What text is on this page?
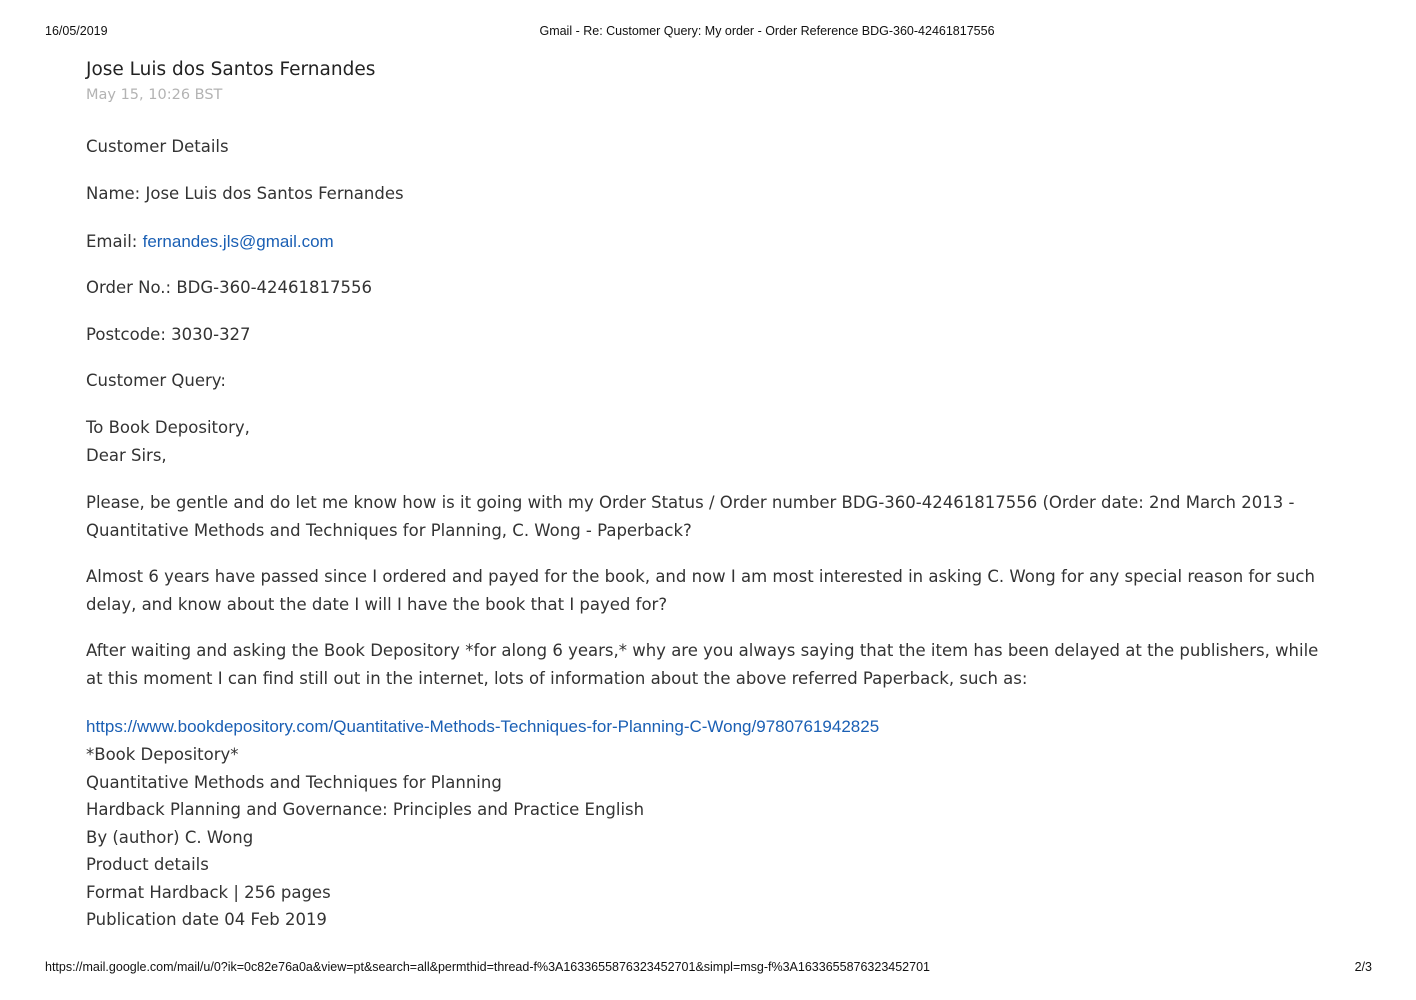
16/05/2019	Gmail - Re: Customer Query: My order - Order Reference BDG-360-42461817556
Jose Luis dos Santos Fernandes
May 15, 10:26 BST

Customer Details

Name: Jose Luis dos Santos Fernandes

Email: fernandes.jls@gmail.com

Order No.: BDG-360-42461817556

Postcode: 3030-327

Customer Query:

To Book Depository,

Dear Sirs,

Please, be gentle and do let me know how is it going with my Order Status / Order number BDG-360-42461817556 (Order date: 2nd March 2013 - Quantitative Methods and Techniques for Planning, C. Wong - Paperback?

Almost 6 years have passed since I ordered and payed for the book, and now I am most interested in asking C. Wong for any special reason for such delay, and know about the date I will I have the book that I payed for?

After waiting and asking the Book Depository *for along 6 years,* why are you always saying that the item has been delayed at the publishers, while at this moment I can find still out in the internet, lots of information about the above referred Paperback, such as:

https://www.bookdepository.com/Quantitative-Methods-Techniques-for-Planning-C-Wong/9780761942825

*Book Depository*
Quantitative Methods and Techniques for Planning
Hardback Planning and Governance: Principles and Practice English
By (author) C. Wong
Product details
Format Hardback | 256 pages
Publication date 04 Feb 2019
https://mail.google.com/mail/u/0?ik=0c82e76a0a&view=pt&search=all&permthid=thread-f%3A1633655876323452701&simpl=msg-f%3A1633655876323452701	2/3
